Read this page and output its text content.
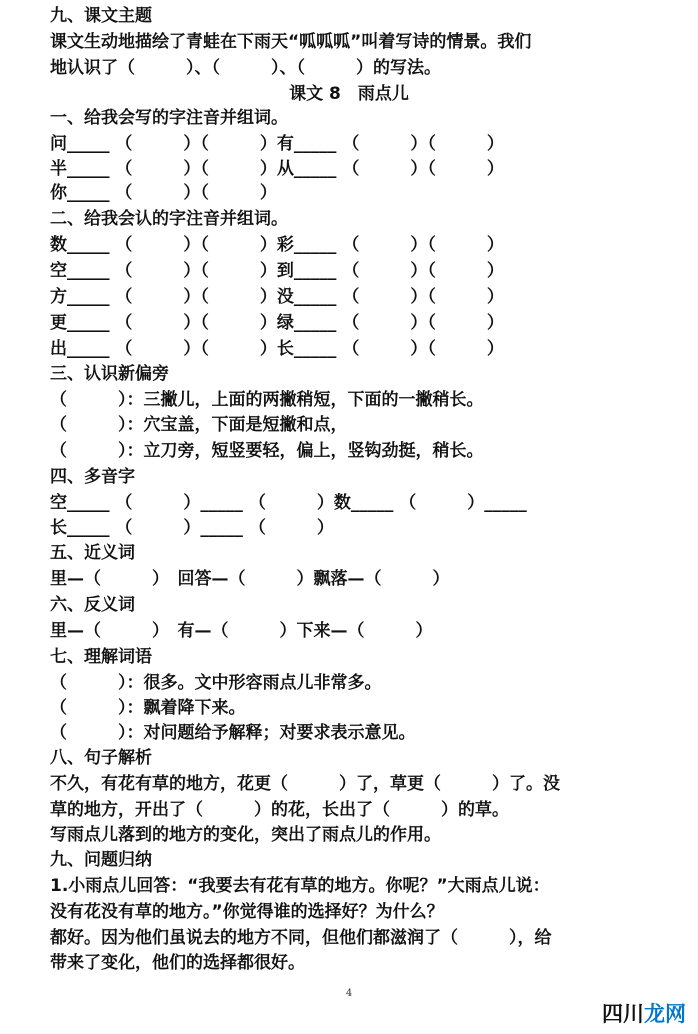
九、课文主题
课文生动地描绘了青蛙在下雨天“呱呱呱”叫着写诗的情景。我们
地认识了（　　　）、（　　　）、（　　　）的写法。
课文 8　雨点儿
一、给我会写的字注音并组词。
问_____ （　　　）（　　　）有_____ （　　　）（　　　）
半_____ （　　　）（　　　）从_____ （　　　）（　　　）
你_____ （　　　）（　　　）
二、给我会认的字注音并组词。
数_____ （　　　）（　　　）彩_____ （　　　）（　　　）
空_____ （　　　）（　　　）到_____ （　　　）（　　　）
方_____ （　　　）（　　　）没_____ （　　　）（　　　）
更_____ （　　　）（　　　）绿_____ （　　　）（　　　）
出_____ （　　　）（　　　）长_____ （　　　）（　　　）
三、认识新偏旁
（　　　）：三撇儿，上面的两撇稍短，下面的一撇稍长。
（　　　）：穴宝盖，下面是短撇和点，
（　　　）：立刀旁，短竖要轻，偏上，竖钩劲挺，稍长。
四、多音字
空_____ （　　　）_____ （　　　）数_____ （　　　）_____
长_____ （　　　）_____ （　　　）
五、近义词
里—（　　　）　回答—（　　　）飘落—（　　　）
六、反义词
里—（　　　）　有—（　　　）下来—（　　　）
七、理解词语
（　　　）：很多。文中形容雨点儿非常多。
（　　　）：飘着降下来。
（　　　）：对问题给予解释；对要求表示意见。
八、句子解析
不久，有花有草的地方，花更（　　　）了，草更（　　　）了。没
草的地方，开出了（　　　）的花，长出了（　　　）的草。
写雨点儿落到的地方的变化，突出了雨点儿的作用。
九、问题归纳
1.小雨点儿回答：“我要去有花有草的地方。你呢？”大雨点儿说：
没有花没有草的地方。”你觉得谁的选择好？为什么？
都好。因为他们虽说去的地方不同，但他们都滋润了（　　　），给
带来了变化，他们的选择都很好。
4
四川龙网
